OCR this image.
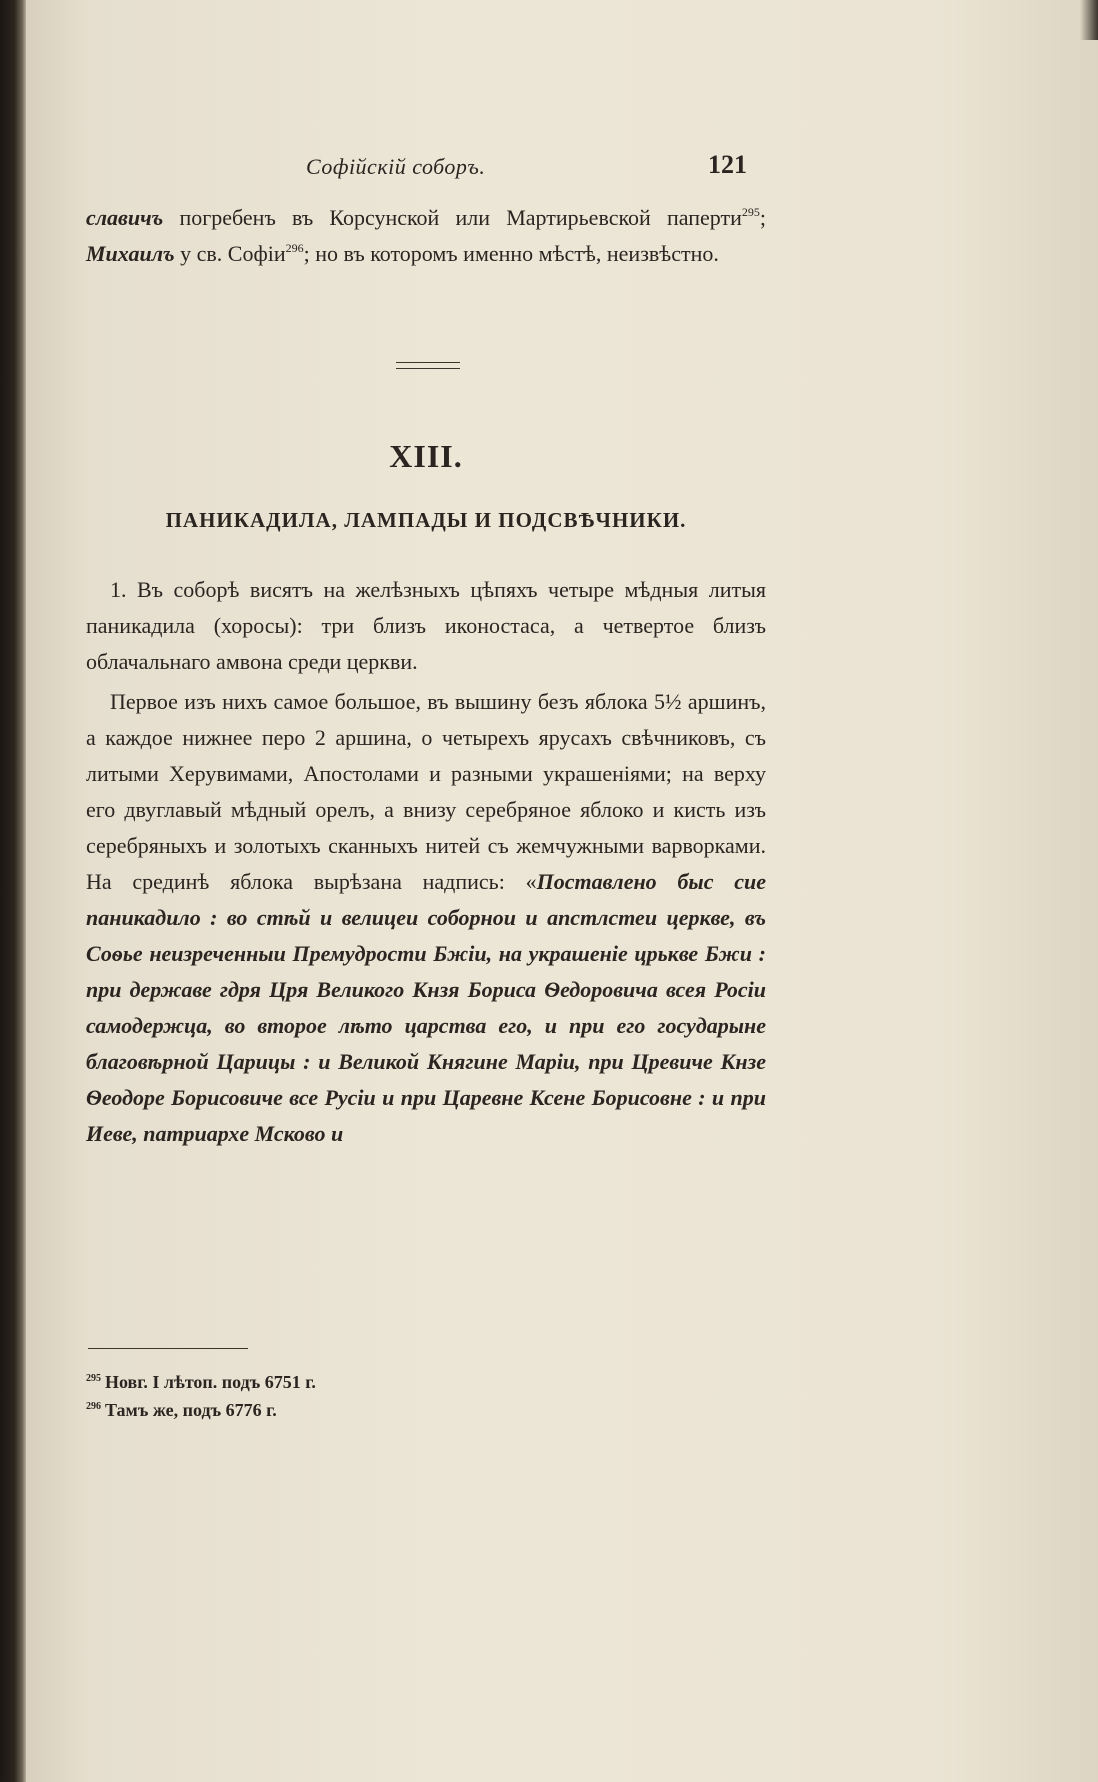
Софійскій соборъ.	121

славичъ погребенъ въ Корсунской или Мартирьевской паперти$^{295}$; Михаилъ у св. Софіи$^{296}$; но въ которомъ именно мѣстѣ, неизвѣстно.

XIII.
ПАНИКАДИЛА, ЛАМПАДЫ И ПОДСВѢЧНИКИ.

1. Въ соборѣ висятъ на желѣзныхъ цѣпяхъ четыре мѣдныя литыя паникадила (хоросы): три близъ иконостаса, а четвертое близъ облачальнаго амвона среди церкви.

Первое изъ нихъ самое большое, въ вышину безъ яблока 5½ аршинъ, а каждое нижнее перо 2 аршина, о четырехъ ярусахъ свѣчниковъ, съ литыми Херувимами, Апостолами и разными украшеніями; на верху его двуглавый мѣдный орелъ, а внизу серебряное яблоко и кисть изъ серебряныхъ и золотыхъ сканныхъ нитей съ жемчужными варворками. На срединѣ яблока вырѣзана надпись: «Поставлено быс сие паникадило : во стѣй и велицеи соборнои и апстлстеи церкве, въ Соѳье неизреченныи Премудрости Бжіи, на украшеніе црькве Бжи : при державе гдря Цря Великого Кнзя Бориса Ѳедоровича всея Росіи самодержца, во второе лѣто царства его, и при его государыне благовѣрной Царицы : и Великой Княгине Маріи, при Цревиче Кнзе Ѳеодоре Борисовиче все Русіи и при Царевне Ксене Борисовне : и при Иеве, патриархе Мсково и

$^{295}$ Новг. I лѣтоп. подъ 6751 г.
$^{296}$ Тамъ же, подъ 6776 г.
